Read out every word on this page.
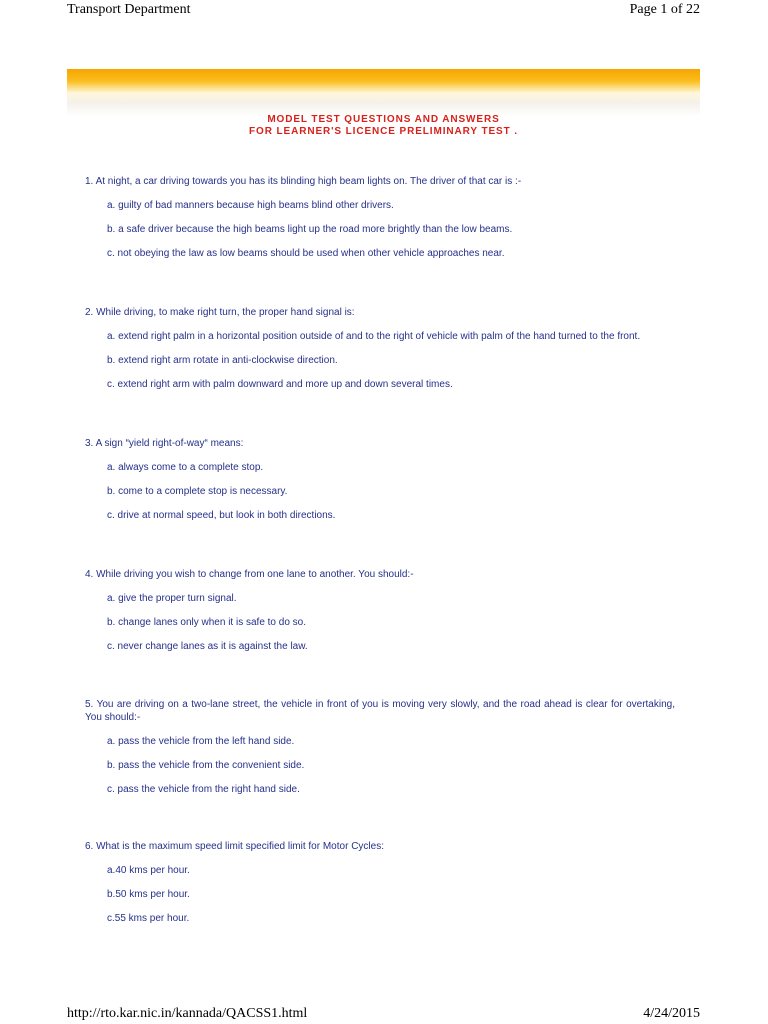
Transport Department	Page 1 of 22
MODEL TEST QUESTIONS AND ANSWERS
FOR LEARNER'S LICENCE PRELIMINARY TEST .

1. At night, a car driving towards you has its blinding high beam lights on. The driver of that car is :-

a. guilty of bad manners because high beams blind other drivers.

b. a safe driver because the high beams light up the road more brightly than the low beams.

c. not obeying the law as low beams should be used when other vehicle approaches near.

2. While driving, to make right turn, the proper hand signal is:

a. extend right palm in a horizontal position outside of and to the right of vehicle with palm of the hand turned to the front.

b. extend right arm rotate in anti-clockwise direction.

c. extend right arm with palm downward and more up and down several times.

3. A sign “yield right-of-way“ means:

a. always come to a complete stop.

b. come to a complete stop is necessary.

c. drive at normal speed, but look in both directions.

4. While driving you wish to change from one lane to another. You should:-

a. give the proper turn signal.

b. change lanes only when it is safe to do so.

c. never change lanes as it is against the law.

5. You are driving on a two-lane street, the vehicle in front of you is moving very slowly, and the road ahead is clear for overtaking, You should:-

a. pass the vehicle from the left hand side.

b. pass the vehicle from the convenient side.

c. pass the vehicle from the right hand side.

6. What is the maximum speed limit specified limit for Motor Cycles:

a.40 kms per hour.

b.50 kms per hour.

c.55 kms per hour.

http://rto.kar.nic.in/kannada/QACSS1.html	4/24/2015
